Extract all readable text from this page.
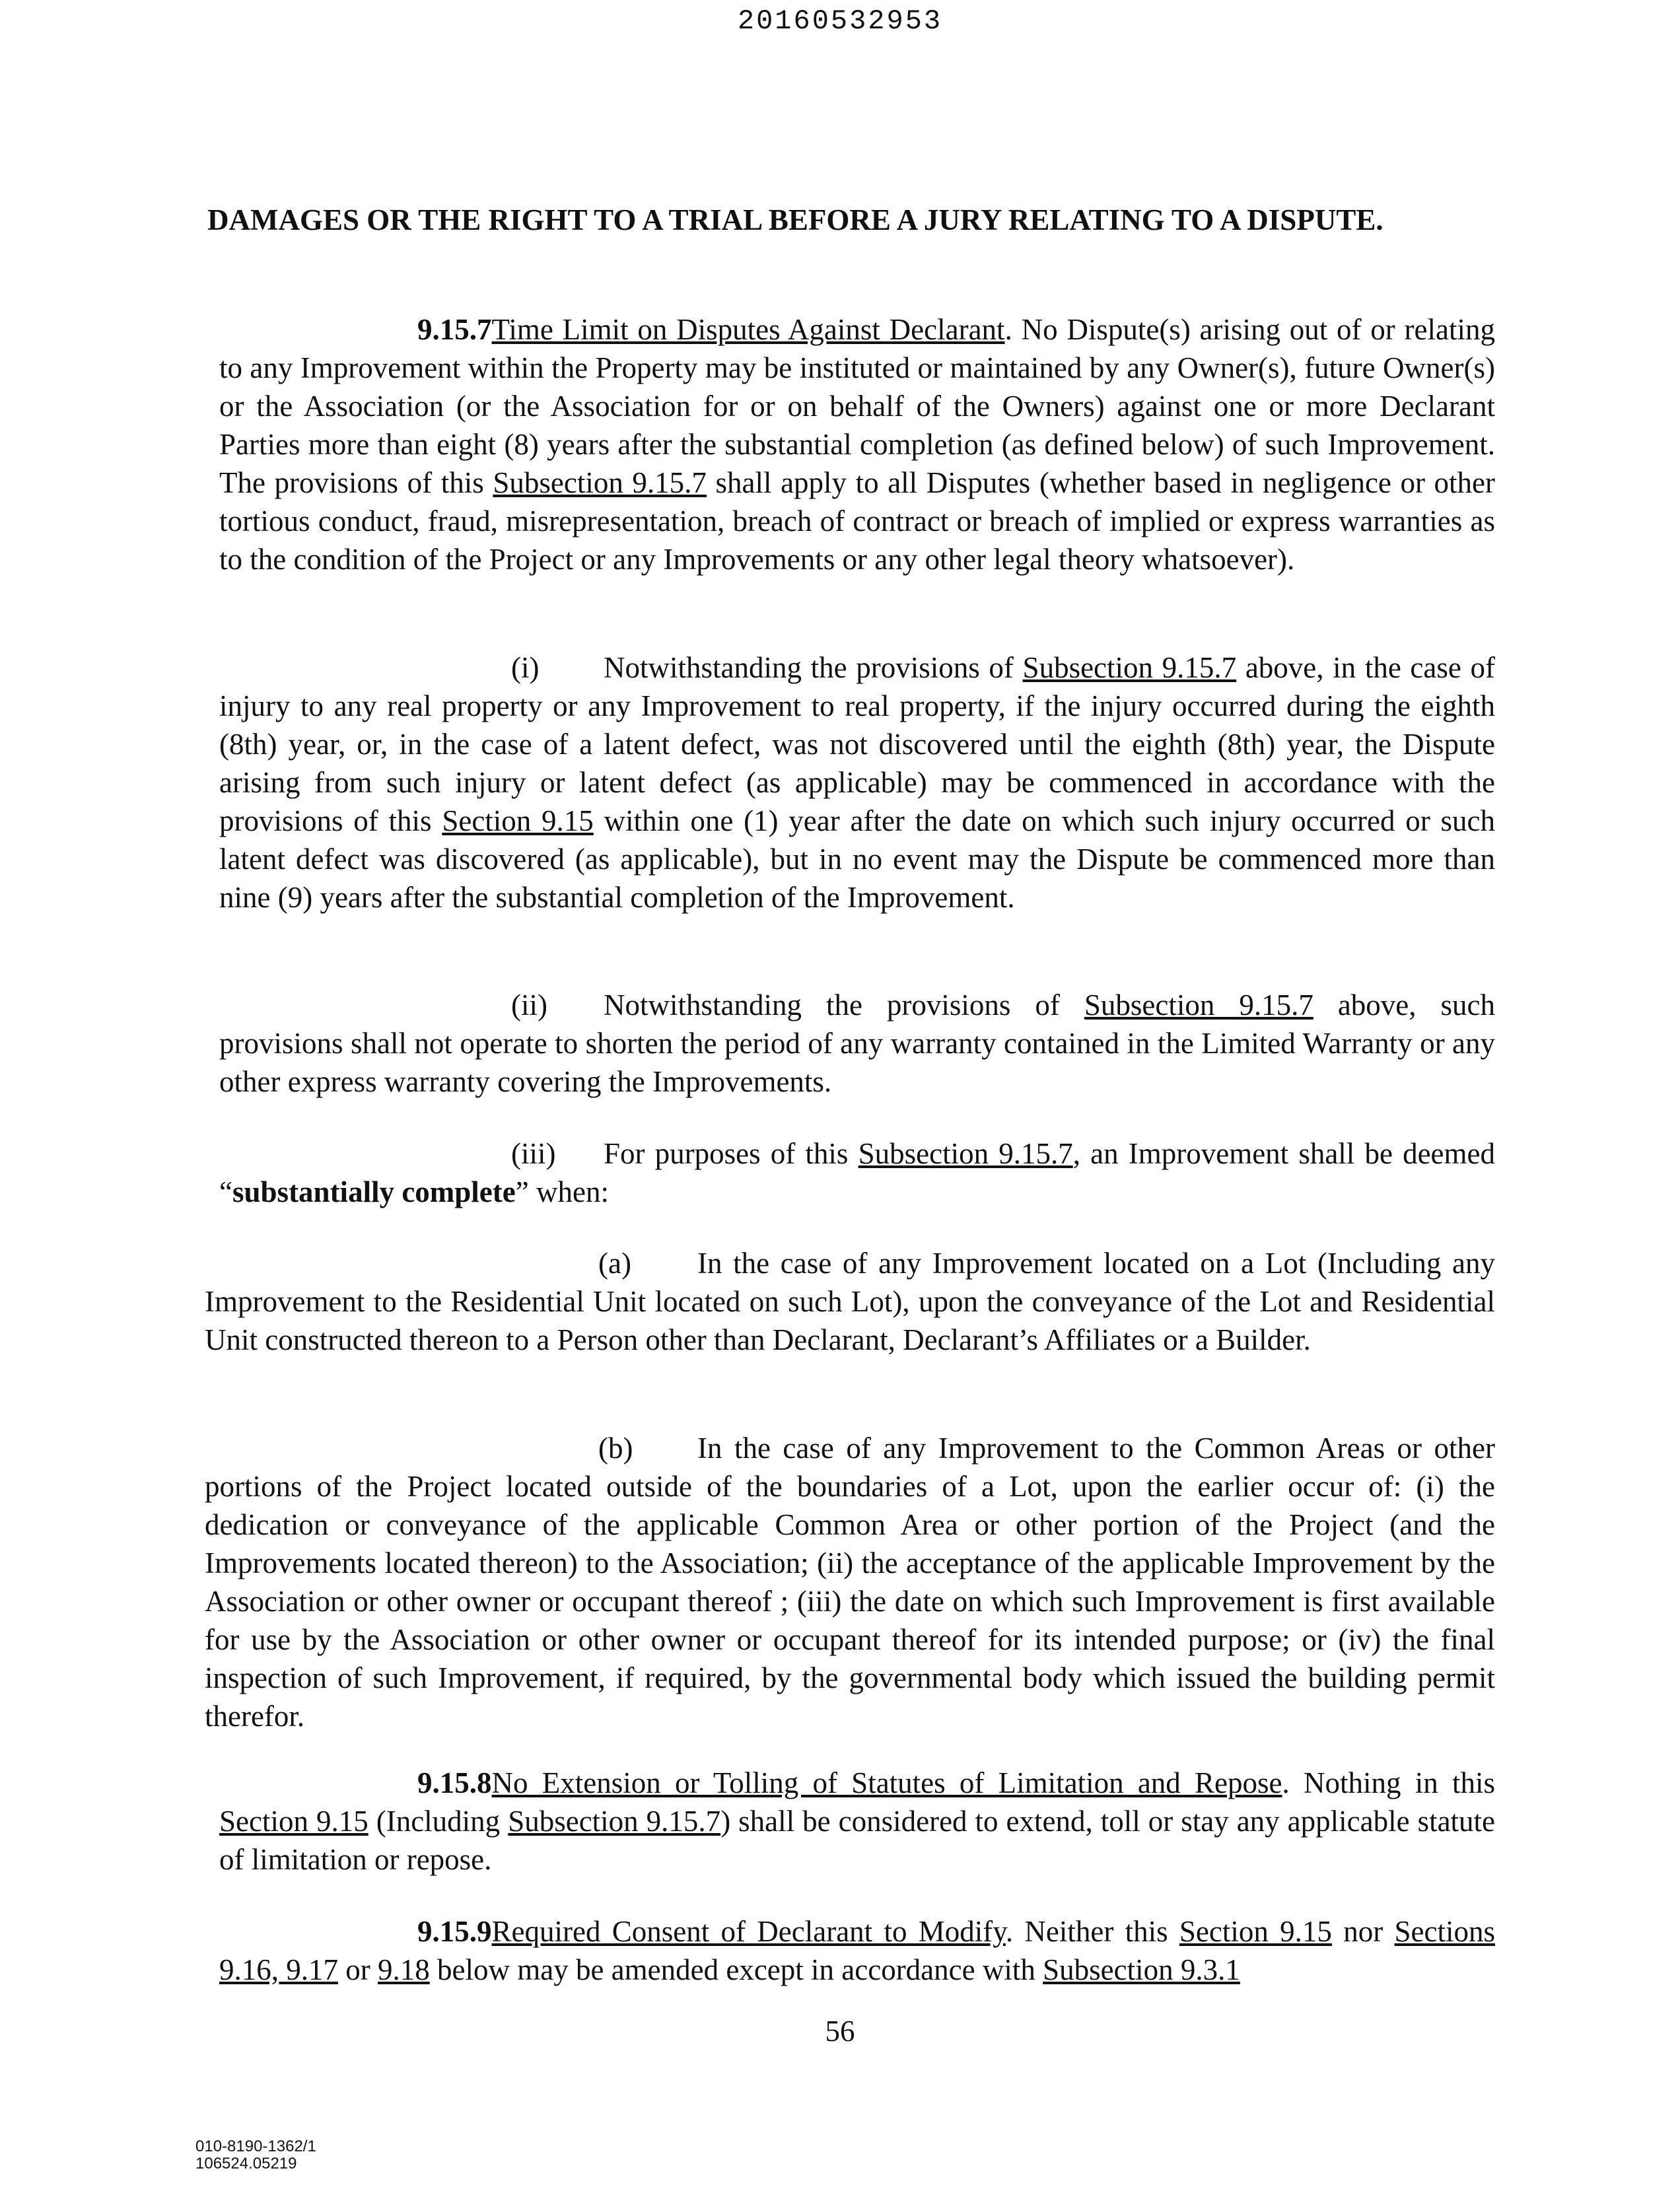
20160532953

DAMAGES OR THE RIGHT TO A TRIAL BEFORE A JURY RELATING TO A DISPUTE.

9.15.7Time Limit on Disputes Against Declarant. No Dispute(s) arising out of or relating to any Improvement within the Property may be instituted or maintained by any Owner(s), future Owner(s) or the Association (or the Association for or on behalf of the Owners) against one or more Declarant Parties more than eight (8) years after the substantial completion (as defined below) of such Improvement. The provisions of this Subsection 9.15.7 shall apply to all Disputes (whether based in negligence or other tortious conduct, fraud, misrepresentation, breach of contract or breach of implied or express warranties as to the condition of the Project or any Improvements or any other legal theory whatsoever).

(i) Notwithstanding the provisions of Subsection 9.15.7 above, in the case of injury to any real property or any Improvement to real property, if the injury occurred during the eighth (8th) year, or, in the case of a latent defect, was not discovered until the eighth (8th) year, the Dispute arising from such injury or latent defect (as applicable) may be commenced in accordance with the provisions of this Section 9.15 within one (1) year after the date on which such injury occurred or such latent defect was discovered (as applicable), but in no event may the Dispute be commenced more than nine (9) years after the substantial completion of the Improvement.

(ii) Notwithstanding the provisions of Subsection 9.15.7 above, such provisions shall not operate to shorten the period of any warranty contained in the Limited Warranty or any other express warranty covering the Improvements.

(iii) For purposes of this Subsection 9.15.7, an Improvement shall be deemed “substantially complete” when:

(a) In the case of any Improvement located on a Lot (Including any Improvement to the Residential Unit located on such Lot), upon the conveyance of the Lot and Residential Unit constructed thereon to a Person other than Declarant, Declarant’s Affiliates or a Builder.

(b) In the case of any Improvement to the Common Areas or other portions of the Project located outside of the boundaries of a Lot, upon the earlier occur of: (i) the dedication or conveyance of the applicable Common Area or other portion of the Project (and the Improvements located thereon) to the Association; (ii) the acceptance of the applicable Improvement by the Association or other owner or occupant thereof ; (iii) the date on which such Improvement is first available for use by the Association or other owner or occupant thereof for its intended purpose; or (iv) the final inspection of such Improvement, if required, by the governmental body which issued the building permit therefor.

9.15.8No Extension or Tolling of Statutes of Limitation and Repose. Nothing in this Section 9.15 (Including Subsection 9.15.7) shall be considered to extend, toll or stay any applicable statute of limitation or repose.

9.15.9Required Consent of Declarant to Modify. Neither this Section 9.15 nor Sections 9.16, 9.17 or 9.18 below may be amended except in accordance with Subsection 9.3.1

56
010-8190-1362/1
106524.05219
